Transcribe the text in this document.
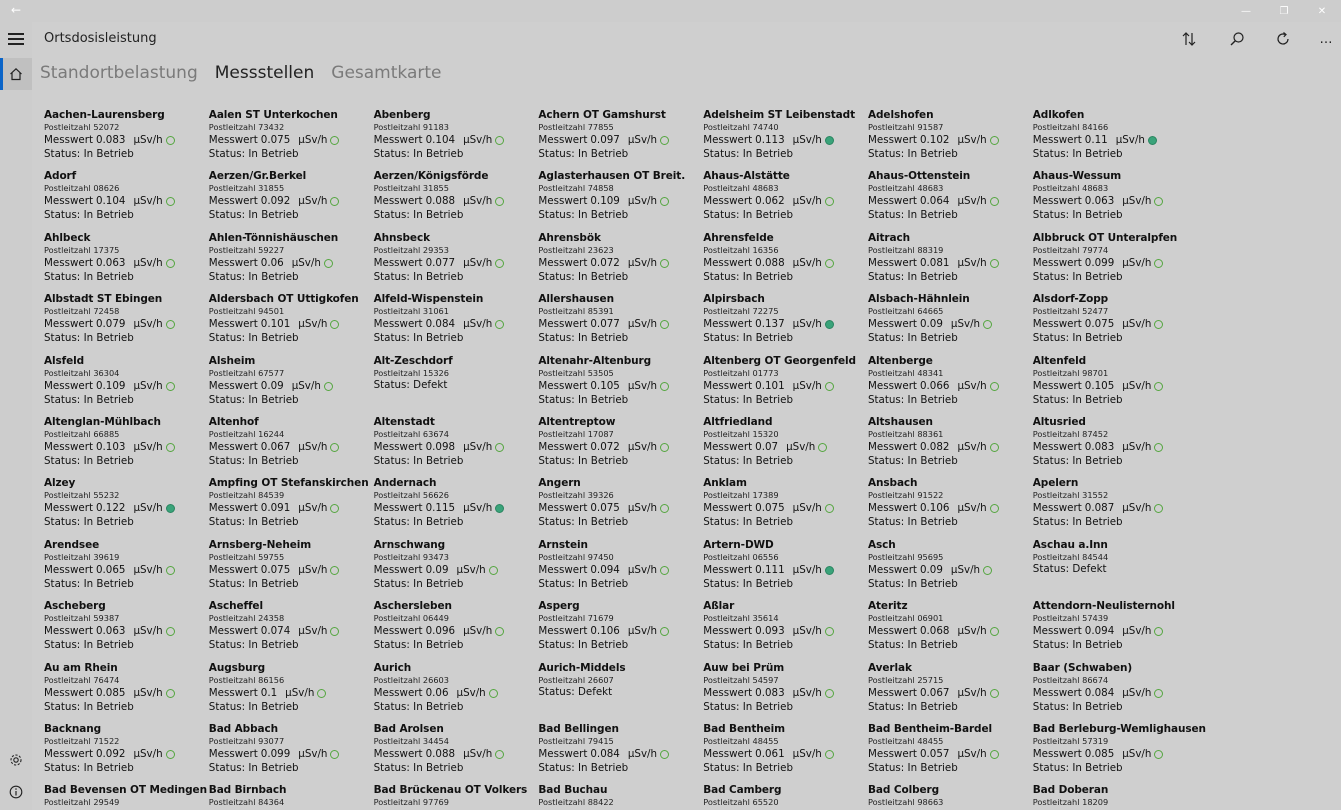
←	—	❐	✕
Ortsdosisleistung	…
Standortbelastung Messstellen Gesamtkarte
Aachen-Laurensberg
Postleitzahl 52072
Messwert 0.083 µSv/h
Status: In Betrieb
Aalen ST Unterkochen
Postleitzahl 73432
Messwert 0.075 µSv/h
Status: In Betrieb
Abenberg
Postleitzahl 91183
Messwert 0.104 µSv/h
Status: In Betrieb
Achern OT Gamshurst
Postleitzahl 77855
Messwert 0.097 µSv/h
Status: In Betrieb
Adelsheim ST Leibenstadt
Postleitzahl 74740
Messwert 0.113 µSv/h
Status: In Betrieb
Adelshofen
Postleitzahl 91587
Messwert 0.102 µSv/h
Status: In Betrieb
Adlkofen
Postleitzahl 84166
Messwert 0.11 µSv/h
Status: In Betrieb
Adorf
Postleitzahl 08626
Messwert 0.104 µSv/h
Status: In Betrieb
Aerzen/Gr.Berkel
Postleitzahl 31855
Messwert 0.092 µSv/h
Status: In Betrieb
Aerzen/Königsförde
Postleitzahl 31855
Messwert 0.088 µSv/h
Status: In Betrieb
Aglasterhausen OT Breit.
Postleitzahl 74858
Messwert 0.109 µSv/h
Status: In Betrieb
Ahaus-Alstätte
Postleitzahl 48683
Messwert 0.062 µSv/h
Status: In Betrieb
Ahaus-Ottenstein
Postleitzahl 48683
Messwert 0.064 µSv/h
Status: In Betrieb
Ahaus-Wessum
Postleitzahl 48683
Messwert 0.063 µSv/h
Status: In Betrieb
Ahlbeck
Postleitzahl 17375
Messwert 0.063 µSv/h
Status: In Betrieb
Ahlen-Tönnishäuschen
Postleitzahl 59227
Messwert 0.06 µSv/h
Status: In Betrieb
Ahnsbeck
Postleitzahl 29353
Messwert 0.077 µSv/h
Status: In Betrieb
Ahrensbök
Postleitzahl 23623
Messwert 0.072 µSv/h
Status: In Betrieb
Ahrensfelde
Postleitzahl 16356
Messwert 0.088 µSv/h
Status: In Betrieb
Aitrach
Postleitzahl 88319
Messwert 0.081 µSv/h
Status: In Betrieb
Albbruck OT Unteralpfen
Postleitzahl 79774
Messwert 0.099 µSv/h
Status: In Betrieb
Albstadt ST Ebingen
Postleitzahl 72458
Messwert 0.079 µSv/h
Status: In Betrieb
Aldersbach OT Uttigkofen
Postleitzahl 94501
Messwert 0.101 µSv/h
Status: In Betrieb
Alfeld-Wispenstein
Postleitzahl 31061
Messwert 0.084 µSv/h
Status: In Betrieb
Allershausen
Postleitzahl 85391
Messwert 0.077 µSv/h
Status: In Betrieb
Alpirsbach
Postleitzahl 72275
Messwert 0.137 µSv/h
Status: In Betrieb
Alsbach-Hähnlein
Postleitzahl 64665
Messwert 0.09 µSv/h
Status: In Betrieb
Alsdorf-Zopp
Postleitzahl 52477
Messwert 0.075 µSv/h
Status: In Betrieb
Alsfeld
Postleitzahl 36304
Messwert 0.109 µSv/h
Status: In Betrieb
Alsheim
Postleitzahl 67577
Messwert 0.09 µSv/h
Status: In Betrieb
Alt-Zeschdorf
Postleitzahl 15326
Status: Defekt
Altenahr-Altenburg
Postleitzahl 53505
Messwert 0.105 µSv/h
Status: In Betrieb
Altenberg OT Georgenfeld
Postleitzahl 01773
Messwert 0.101 µSv/h
Status: In Betrieb
Altenberge
Postleitzahl 48341
Messwert 0.066 µSv/h
Status: In Betrieb
Altenfeld
Postleitzahl 98701
Messwert 0.105 µSv/h
Status: In Betrieb
Altenglan-Mühlbach
Postleitzahl 66885
Messwert 0.103 µSv/h
Status: In Betrieb
Altenhof
Postleitzahl 16244
Messwert 0.067 µSv/h
Status: In Betrieb
Altenstadt
Postleitzahl 63674
Messwert 0.098 µSv/h
Status: In Betrieb
Altentreptow
Postleitzahl 17087
Messwert 0.072 µSv/h
Status: In Betrieb
Altfriedland
Postleitzahl 15320
Messwert 0.07 µSv/h
Status: In Betrieb
Altshausen
Postleitzahl 88361
Messwert 0.082 µSv/h
Status: In Betrieb
Altusried
Postleitzahl 87452
Messwert 0.083 µSv/h
Status: In Betrieb
Alzey
Postleitzahl 55232
Messwert 0.122 µSv/h
Status: In Betrieb
Ampfing OT Stefanskirchen
Postleitzahl 84539
Messwert 0.091 µSv/h
Status: In Betrieb
Andernach
Postleitzahl 56626
Messwert 0.115 µSv/h
Status: In Betrieb
Angern
Postleitzahl 39326
Messwert 0.075 µSv/h
Status: In Betrieb
Anklam
Postleitzahl 17389
Messwert 0.075 µSv/h
Status: In Betrieb
Ansbach
Postleitzahl 91522
Messwert 0.106 µSv/h
Status: In Betrieb
Apelern
Postleitzahl 31552
Messwert 0.087 µSv/h
Status: In Betrieb
Arendsee
Postleitzahl 39619
Messwert 0.065 µSv/h
Status: In Betrieb
Arnsberg-Neheim
Postleitzahl 59755
Messwert 0.075 µSv/h
Status: In Betrieb
Arnschwang
Postleitzahl 93473
Messwert 0.09 µSv/h
Status: In Betrieb
Arnstein
Postleitzahl 97450
Messwert 0.094 µSv/h
Status: In Betrieb
Artern-DWD
Postleitzahl 06556
Messwert 0.111 µSv/h
Status: In Betrieb
Asch
Postleitzahl 95695
Messwert 0.09 µSv/h
Status: In Betrieb
Aschau a.Inn
Postleitzahl 84544
Status: Defekt
Ascheberg
Postleitzahl 59387
Messwert 0.063 µSv/h
Status: In Betrieb
Ascheffel
Postleitzahl 24358
Messwert 0.074 µSv/h
Status: In Betrieb
Aschersleben
Postleitzahl 06449
Messwert 0.096 µSv/h
Status: In Betrieb
Asperg
Postleitzahl 71679
Messwert 0.106 µSv/h
Status: In Betrieb
Aßlar
Postleitzahl 35614
Messwert 0.093 µSv/h
Status: In Betrieb
Ateritz
Postleitzahl 06901
Messwert 0.068 µSv/h
Status: In Betrieb
Attendorn-Neulisternohl
Postleitzahl 57439
Messwert 0.094 µSv/h
Status: In Betrieb
Au am Rhein
Postleitzahl 76474
Messwert 0.085 µSv/h
Status: In Betrieb
Augsburg
Postleitzahl 86156
Messwert 0.1 µSv/h
Status: In Betrieb
Aurich
Postleitzahl 26603
Messwert 0.06 µSv/h
Status: In Betrieb
Aurich-Middels
Postleitzahl 26607
Status: Defekt
Auw bei Prüm
Postleitzahl 54597
Messwert 0.083 µSv/h
Status: In Betrieb
Averlak
Postleitzahl 25715
Messwert 0.067 µSv/h
Status: In Betrieb
Baar (Schwaben)
Postleitzahl 86674
Messwert 0.084 µSv/h
Status: In Betrieb
Backnang
Postleitzahl 71522
Messwert 0.092 µSv/h
Status: In Betrieb
Bad Abbach
Postleitzahl 93077
Messwert 0.099 µSv/h
Status: In Betrieb
Bad Arolsen
Postleitzahl 34454
Messwert 0.088 µSv/h
Status: In Betrieb
Bad Bellingen
Postleitzahl 79415
Messwert 0.084 µSv/h
Status: In Betrieb
Bad Bentheim
Postleitzahl 48455
Messwert 0.061 µSv/h
Status: In Betrieb
Bad Bentheim-Bardel
Postleitzahl 48455
Messwert 0.057 µSv/h
Status: In Betrieb
Bad Berleburg-Wemlighausen
Postleitzahl 57319
Messwert 0.085 µSv/h
Status: In Betrieb
Bad Bevensen OT Medingen
Postleitzahl 29549
Bad Birnbach
Postleitzahl 84364
Bad Brückenau OT Volkers
Postleitzahl 97769
Bad Buchau
Postleitzahl 88422
Bad Camberg
Postleitzahl 65520
Bad Colberg
Postleitzahl 98663
Bad Doberan
Postleitzahl 18209
